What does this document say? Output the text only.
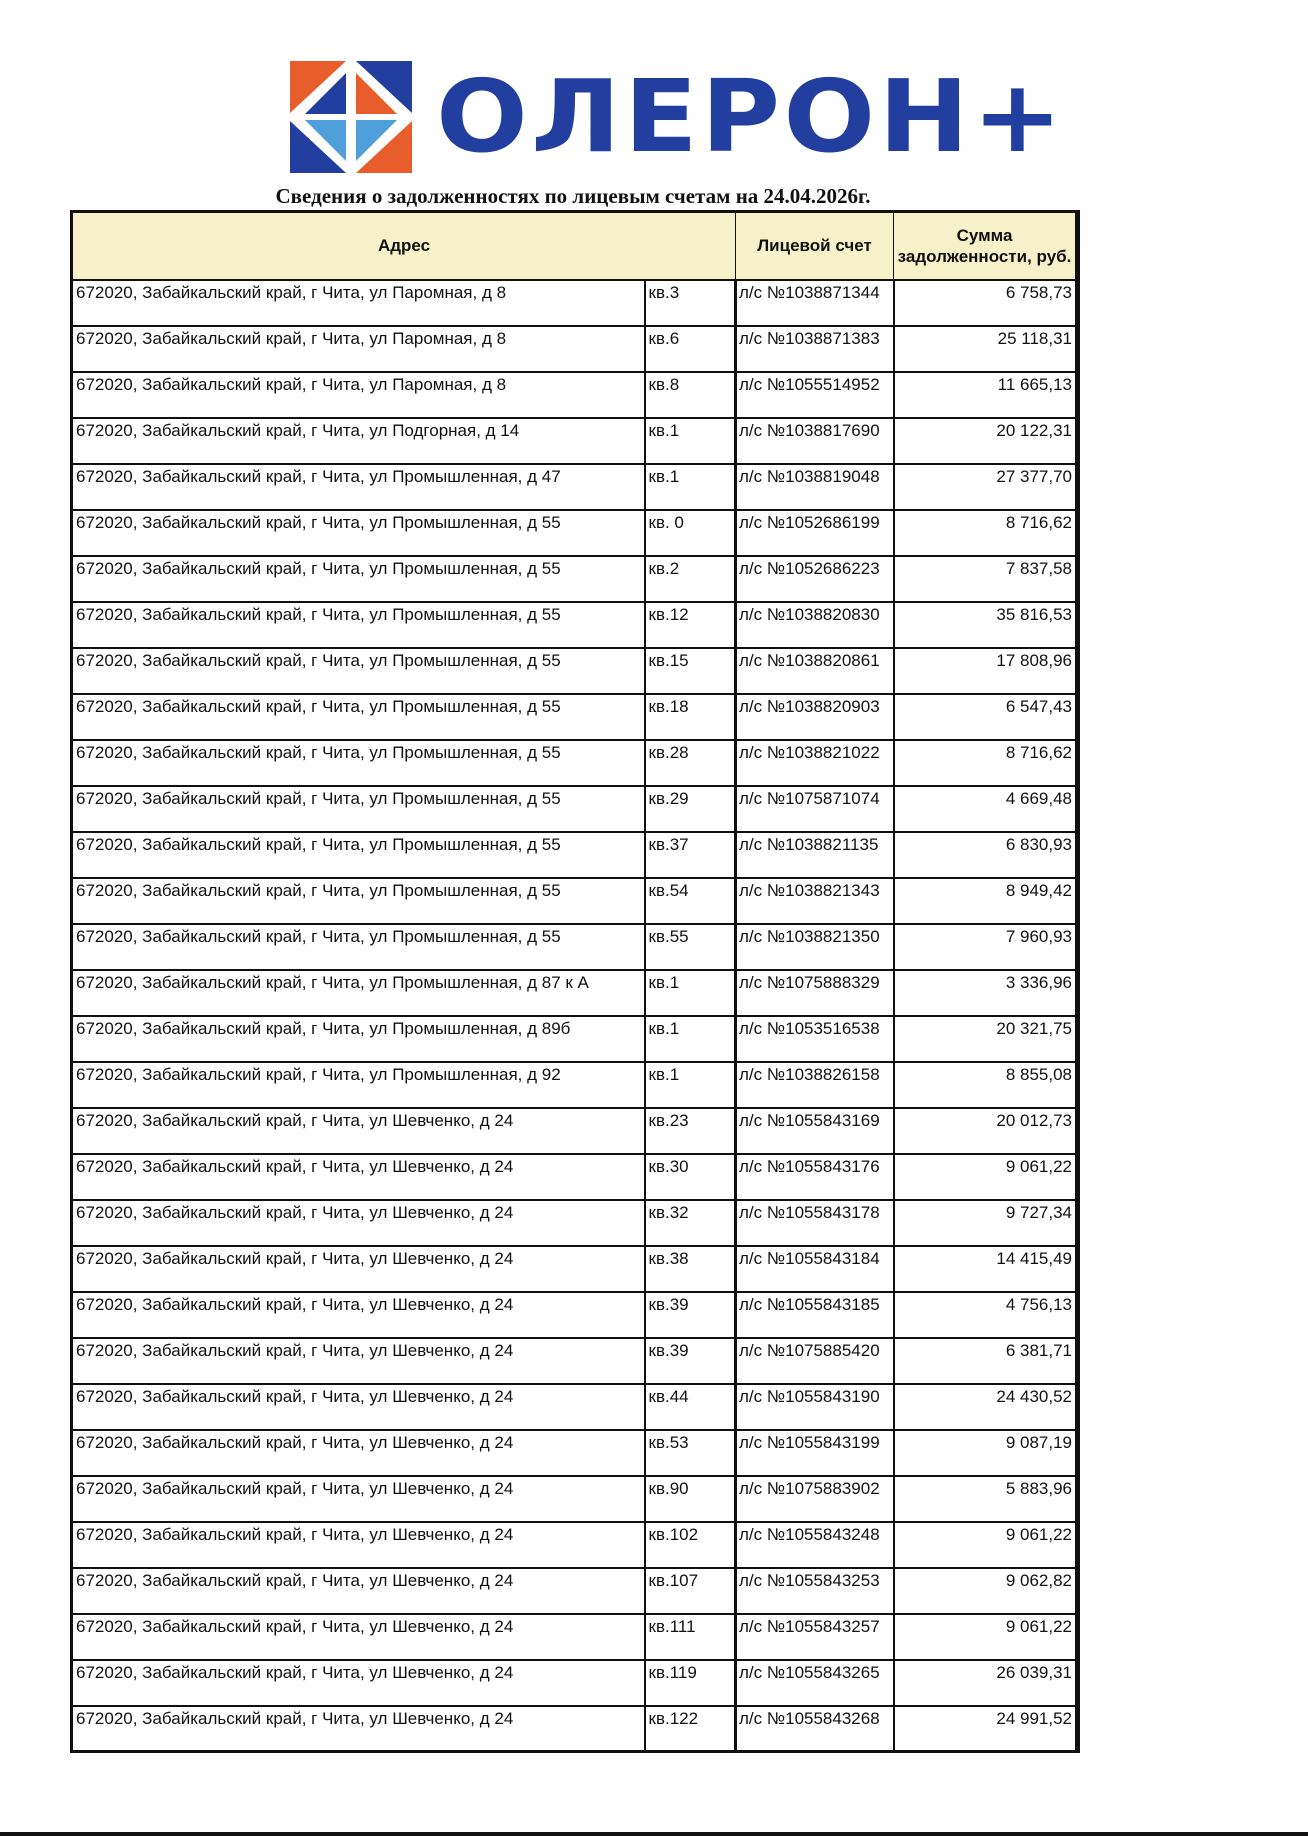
ОЛЕРОН+
Сведения о задолженностях по лицевым счетам на 24.04.2026г.
Адрес		Лицевой счет	Сумма задолженности, руб.
672020, Забайкальский край, г Чита, ул Паромная, д 8	кв.3	л/с №1038871344	6 758,73
672020, Забайкальский край, г Чита, ул Паромная, д 8	кв.6	л/с №1038871383	25 118,31
672020, Забайкальский край, г Чита, ул Паромная, д 8	кв.8	л/с №1055514952	11 665,13
672020, Забайкальский край, г Чита, ул Подгорная, д 14	кв.1	л/с №1038817690	20 122,31
672020, Забайкальский край, г Чита, ул Промышленная, д 47	кв.1	л/с №1038819048	27 377,70
672020, Забайкальский край, г Чита, ул Промышленная, д 55	кв. 0	л/с №1052686199	8 716,62
672020, Забайкальский край, г Чита, ул Промышленная, д 55	кв.2	л/с №1052686223	7 837,58
672020, Забайкальский край, г Чита, ул Промышленная, д 55	кв.12	л/с №1038820830	35 816,53
672020, Забайкальский край, г Чита, ул Промышленная, д 55	кв.15	л/с №1038820861	17 808,96
672020, Забайкальский край, г Чита, ул Промышленная, д 55	кв.18	л/с №1038820903	6 547,43
672020, Забайкальский край, г Чита, ул Промышленная, д 55	кв.28	л/с №1038821022	8 716,62
672020, Забайкальский край, г Чита, ул Промышленная, д 55	кв.29	л/с №1075871074	4 669,48
672020, Забайкальский край, г Чита, ул Промышленная, д 55	кв.37	л/с №1038821135	6 830,93
672020, Забайкальский край, г Чита, ул Промышленная, д 55	кв.54	л/с №1038821343	8 949,42
672020, Забайкальский край, г Чита, ул Промышленная, д 55	кв.55	л/с №1038821350	7 960,93
672020, Забайкальский край, г Чита, ул Промышленная, д 87 к А	кв.1	л/с №1075888329	3 336,96
672020, Забайкальский край, г Чита, ул Промышленная, д 89б	кв.1	л/с №1053516538	20 321,75
672020, Забайкальский край, г Чита, ул Промышленная, д 92	кв.1	л/с №1038826158	8 855,08
672020, Забайкальский край, г Чита, ул Шевченко, д 24	кв.23	л/с №1055843169	20 012,73
672020, Забайкальский край, г Чита, ул Шевченко, д 24	кв.30	л/с №1055843176	9 061,22
672020, Забайкальский край, г Чита, ул Шевченко, д 24	кв.32	л/с №1055843178	9 727,34
672020, Забайкальский край, г Чита, ул Шевченко, д 24	кв.38	л/с №1055843184	14 415,49
672020, Забайкальский край, г Чита, ул Шевченко, д 24	кв.39	л/с №1055843185	4 756,13
672020, Забайкальский край, г Чита, ул Шевченко, д 24	кв.39	л/с №1075885420	6 381,71
672020, Забайкальский край, г Чита, ул Шевченко, д 24	кв.44	л/с №1055843190	24 430,52
672020, Забайкальский край, г Чита, ул Шевченко, д 24	кв.53	л/с №1055843199	9 087,19
672020, Забайкальский край, г Чита, ул Шевченко, д 24	кв.90	л/с №1075883902	5 883,96
672020, Забайкальский край, г Чита, ул Шевченко, д 24	кв.102	л/с №1055843248	9 061,22
672020, Забайкальский край, г Чита, ул Шевченко, д 24	кв.107	л/с №1055843253	9 062,82
672020, Забайкальский край, г Чита, ул Шевченко, д 24	кв.111	л/с №1055843257	9 061,22
672020, Забайкальский край, г Чита, ул Шевченко, д 24	кв.119	л/с №1055843265	26 039,31
672020, Забайкальский край, г Чита, ул Шевченко, д 24	кв.122	л/с №1055843268	24 991,52
